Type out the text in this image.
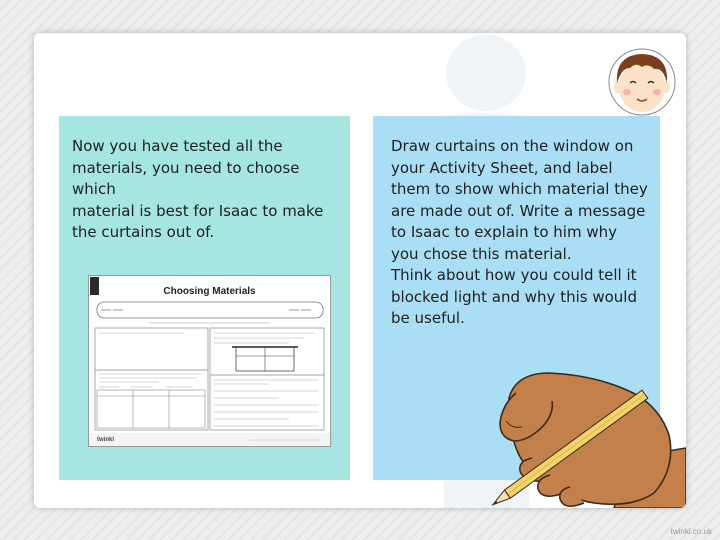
Now you have tested all the
materials, you need to choose which
material is best for Isaac to make
the curtains out of.
Draw curtains on the window on
your Activity Sheet, and label
them to show which material they
are made out of. Write a message
to Isaac to explain to him why
you chose this material.
Think about how you could tell it
blocked light and why this would
be useful.
Choosing Materials
twinkl
twinkl.co.uk
